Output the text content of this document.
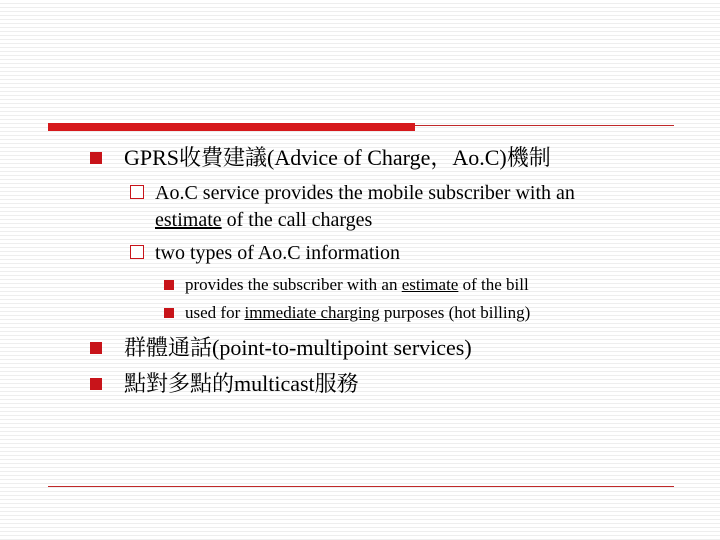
GPRS收費建議(Advice of Charge，Ao.C)機制
Ao.C service provides the mobile subscriber with an
estimate of the call charges
two types of Ao.C information
provides the subscriber with an estimate of the bill
used for immediate charging purposes (hot billing)
群體通話(point-to-multipoint services)
點對多點的multicast服務
